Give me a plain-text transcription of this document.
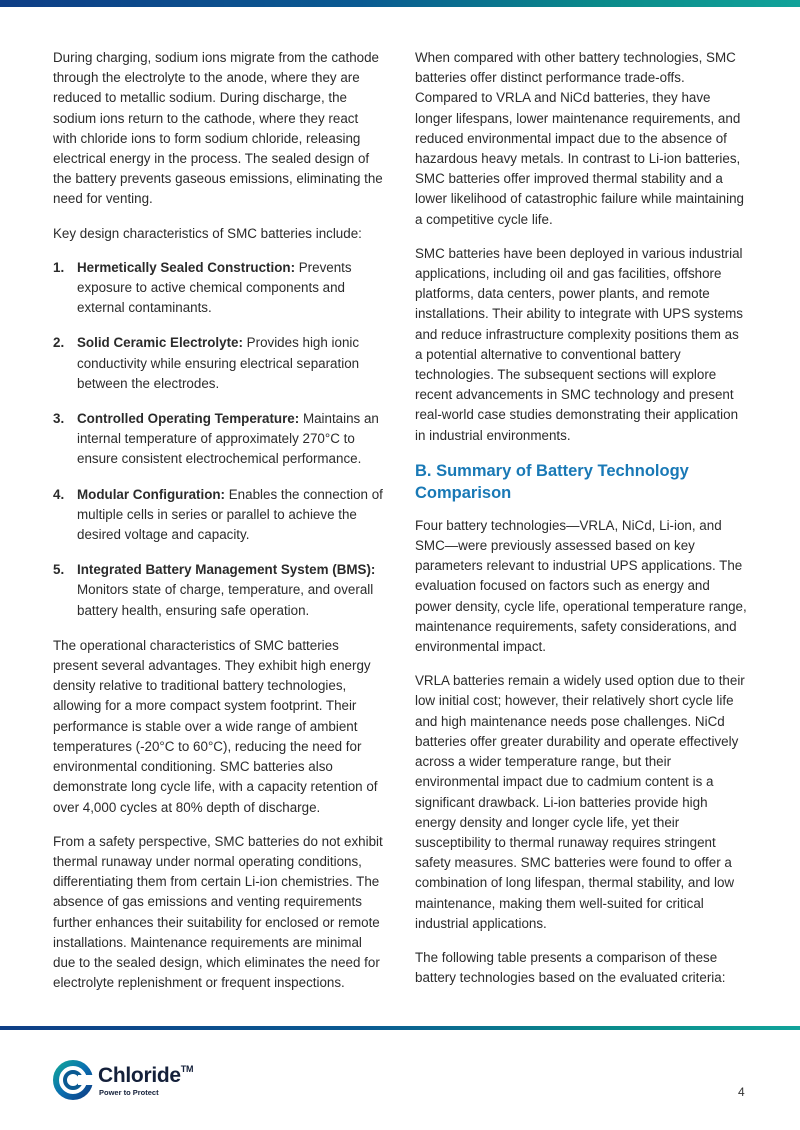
During charging, sodium ions migrate from the cathode through the electrolyte to the anode, where they are reduced to metallic sodium. During discharge, the sodium ions return to the cathode, where they react with chloride ions to form sodium chloride, releasing electrical energy in the process. The sealed design of the battery prevents gaseous emissions, eliminating the need for venting.

Key design characteristics of SMC batteries include:

1. Hermetically Sealed Construction: Prevents exposure to active chemical components and external contaminants.
2. Solid Ceramic Electrolyte: Provides high ionic conductivity while ensuring electrical separation between the electrodes.
3. Controlled Operating Temperature: Maintains an internal temperature of approximately 270°C to ensure consistent electrochemical performance.
4. Modular Configuration: Enables the connection of multiple cells in series or parallel to achieve the desired voltage and capacity.
5. Integrated Battery Management System (BMS): Monitors state of charge, temperature, and overall battery health, ensuring safe operation.

The operational characteristics of SMC batteries present several advantages. They exhibit high energy density relative to traditional battery technologies, allowing for a more compact system footprint. Their performance is stable over a wide range of ambient temperatures (-20°C to 60°C), reducing the need for environmental conditioning. SMC batteries also demonstrate long cycle life, with a capacity retention of over 4,000 cycles at 80% depth of discharge.

From a safety perspective, SMC batteries do not exhibit thermal runaway under normal operating conditions, differentiating them from certain Li-ion chemistries. The absence of gas emissions and venting requirements further enhances their suitability for enclosed or remote installations. Maintenance requirements are minimal due to the sealed design, which eliminates the need for electrolyte replenishment or frequent inspections.

When compared with other battery technologies, SMC batteries offer distinct performance trade-offs. Compared to VRLA and NiCd batteries, they have longer lifespans, lower maintenance requirements, and reduced environmental impact due to the absence of hazardous heavy metals. In contrast to Li-ion batteries, SMC batteries offer improved thermal stability and a lower likelihood of catastrophic failure while maintaining a competitive cycle life.

SMC batteries have been deployed in various industrial applications, including oil and gas facilities, offshore platforms, data centers, power plants, and remote installations. Their ability to integrate with UPS systems and reduce infrastructure complexity positions them as a potential alternative to conventional battery technologies. The subsequent sections will explore recent advancements in SMC technology and present real-world case studies demonstrating their application in industrial environments.

B. Summary of Battery Technology Comparison

Four battery technologies—VRLA, NiCd, Li-ion, and SMC—were previously assessed based on key parameters relevant to industrial UPS applications. The evaluation focused on factors such as energy and power density, cycle life, operational temperature range, maintenance requirements, safety considerations, and environmental impact.

VRLA batteries remain a widely used option due to their low initial cost; however, their relatively short cycle life and high maintenance needs pose challenges. NiCd batteries offer greater durability and operate effectively across a wider temperature range, but their environmental impact due to cadmium content is a significant drawback. Li-ion batteries provide high energy density and longer cycle life, yet their susceptibility to thermal runaway requires stringent safety measures. SMC batteries were found to offer a combination of long lifespan, thermal stability, and low maintenance, making them well-suited for critical industrial applications.

The following table presents a comparison of these battery technologies based on the evaluated criteria:

Chloride™
Power to Protect	4
